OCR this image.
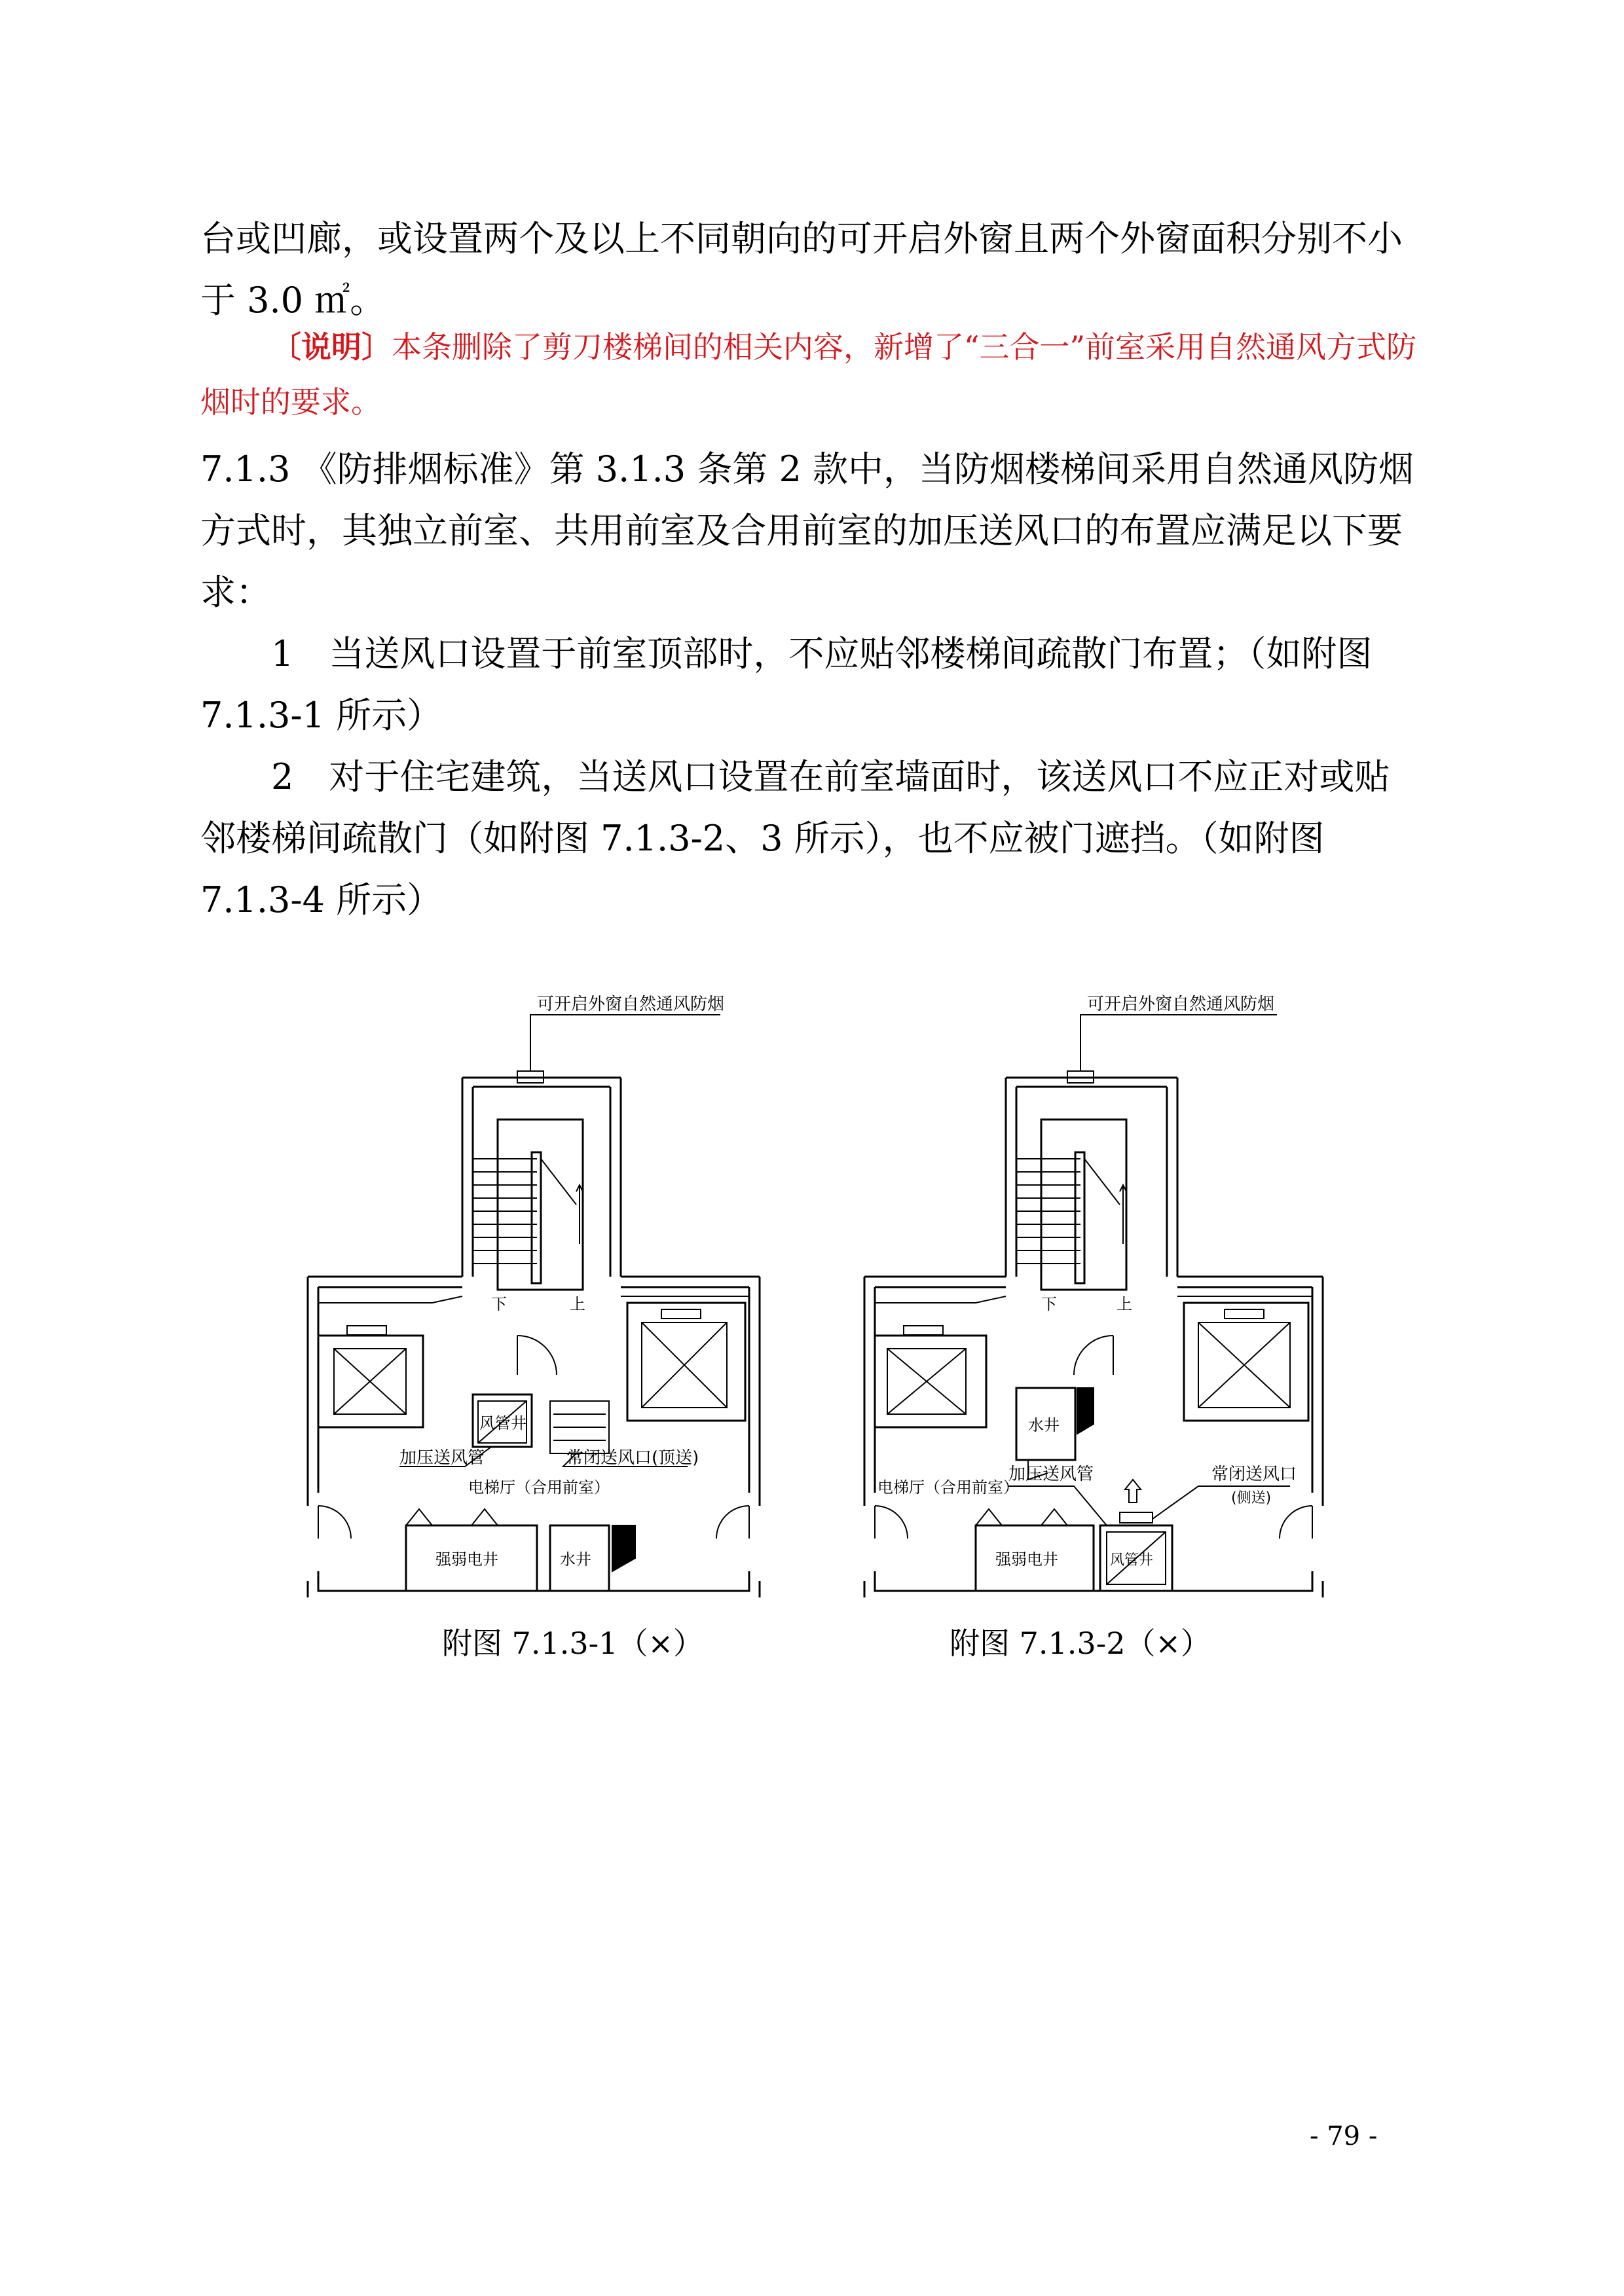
台或凹廊，或设置两个及以上不同朝向的可开启外窗且两个外窗面积分别不小于 3.0 ㎡。

〔说明〕本条删除了剪刀楼梯间的相关内容，新增了“三合一”前室采用自然通风方式防烟时的要求。

7.1.3 《防排烟标准》第 3.1.3 条第 2 款中，当防烟楼梯间采用自然通风防烟方式时，其独立前室、共用前室及合用前室的加压送风口的布置应满足以下要求：

1　当送风口设置于前室顶部时，不应贴邻楼梯间疏散门布置；（如附图 7.1.3-1 所示）

2　对于住宅建筑，当送风口设置在前室墙面时，该送风口不应正对或贴邻楼梯间疏散门（如附图 7.1.3-2、3 所示），也不应被门遮挡。（如附图 7.1.3-4 所示）

可开启外窗自然通风防烟
下	上
风管井
加压送风管	常闭送风口(顶送)
电梯厅（合用前室）
强弱电井	水井
可开启外窗自然通风防烟
下	上
水井
加压送风管	常闭送风口
(侧送)
电梯厅（合用前室）
强弱电井	风管井
附图 7.1.3-1（×）	附图 7.1.3-2（×）
- 79 -
